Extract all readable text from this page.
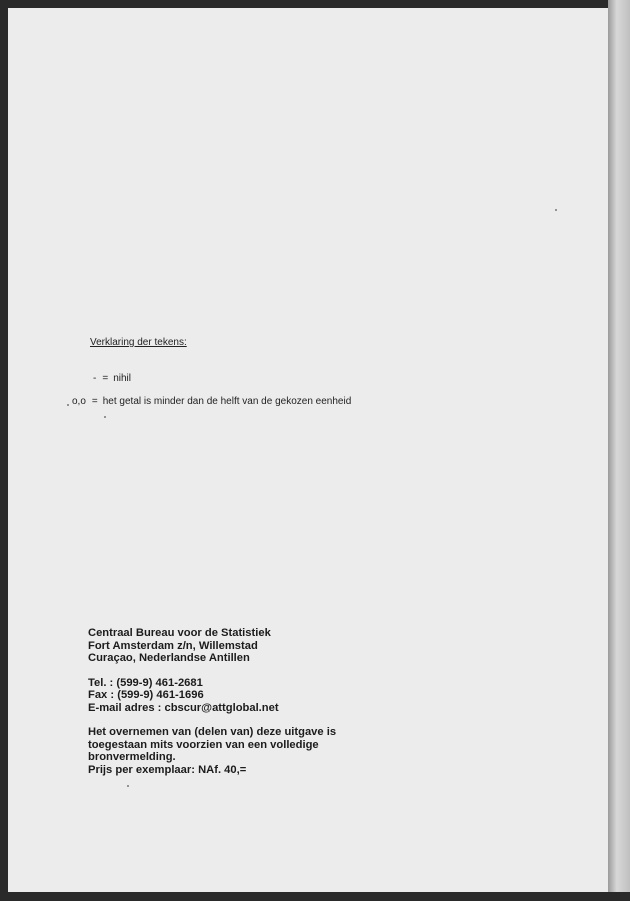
Verklaring der tekens:
- = nihil
o,o = het getal is minder dan de helft van de gekozen eenheid
Centraal Bureau voor de Statistiek
Fort Amsterdam z/n, Willemstad
Curaçao, Nederlandse Antillen
Tel. : (599-9) 461-2681
Fax : (599-9) 461-1696
E-mail adres : cbscur@attglobal.net
Het overnemen van (delen van) deze uitgave is
toegestaan mits voorzien van een volledige
bronvermelding.
Prijs per exemplaar: NAf. 40,=
